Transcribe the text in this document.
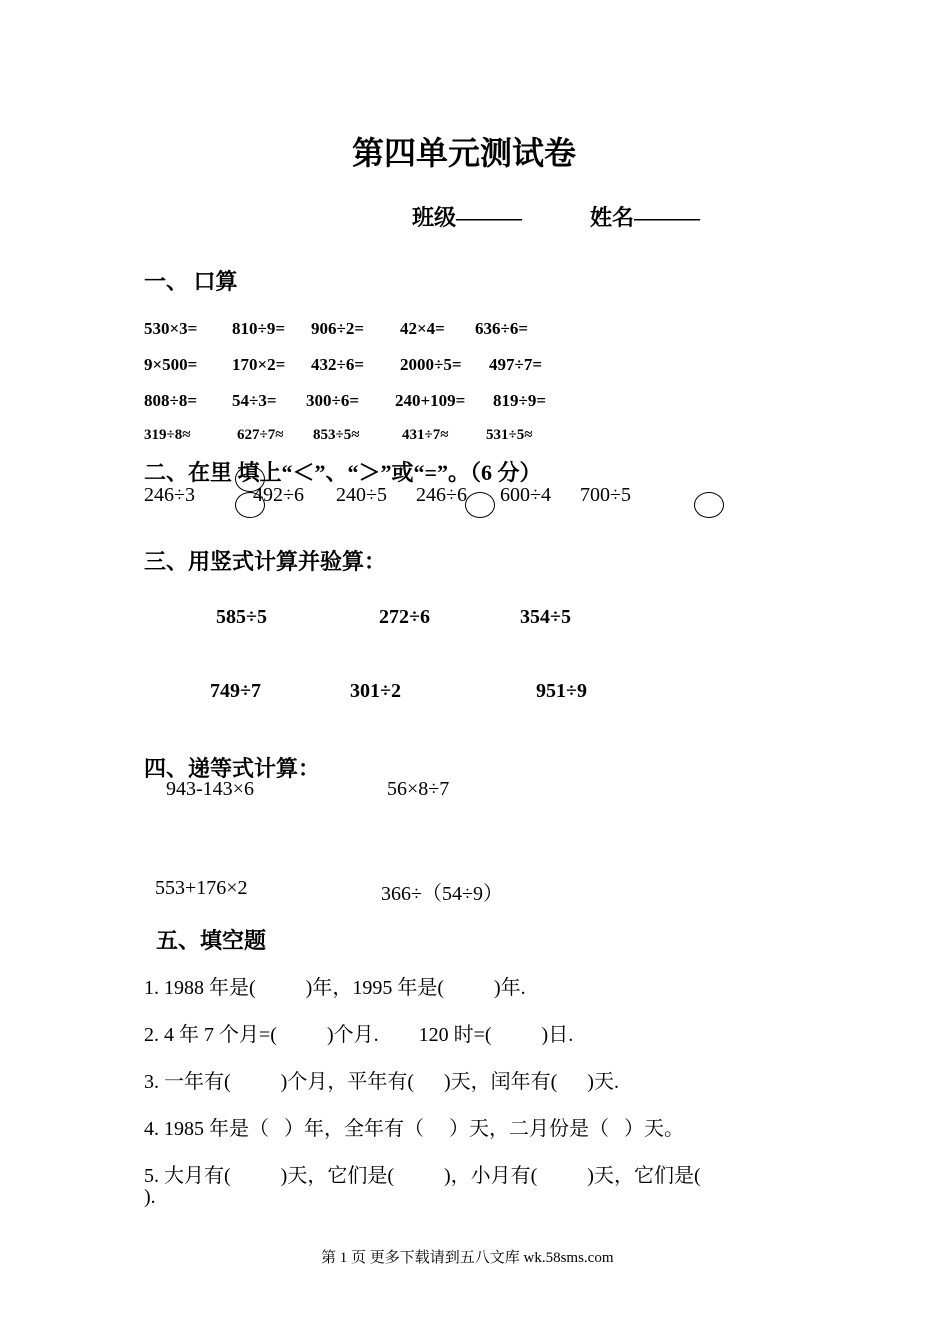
第四单元测试卷
班级———	姓名———
一、 口算
530×3= 810÷9= 906÷2= 42×4= 636÷6=
9×500= 170×2= 432÷6= 2000÷5= 497÷7=
808÷8= 54÷3= 300÷6= 240+109= 819÷9=
319÷8≈	627÷7≈ 853÷5≈	431÷7≈	531÷5≈
二、在里 填上“＜”、“＞”或“=”。（6 分）
246÷3	492÷6 240÷5 246÷6 600÷4 700÷5
三、用竖式计算并验算：
585÷5	272÷6	354÷5
749÷7	301÷2	951÷9
四、递等式计算：
943-143×6	56×8÷7
553+176×2	366÷（54÷9）
五、填空题
1. 1988 年是(          )年，1995 年是(          )年.
2. 4 年 7 个月=(          )个月.        120 时=(          )日.
3. 一年有(          )个月，平年有(      )天，闰年有(      )天.
4. 1985 年是（   ）年，全年有（     ）天，二月份是（   ）天。
5. 大月有(          )天，它们是(          )，小月有(          )天，它们是(
).
第 1 页 更多下载请到五八文库 wk.58sms.com
